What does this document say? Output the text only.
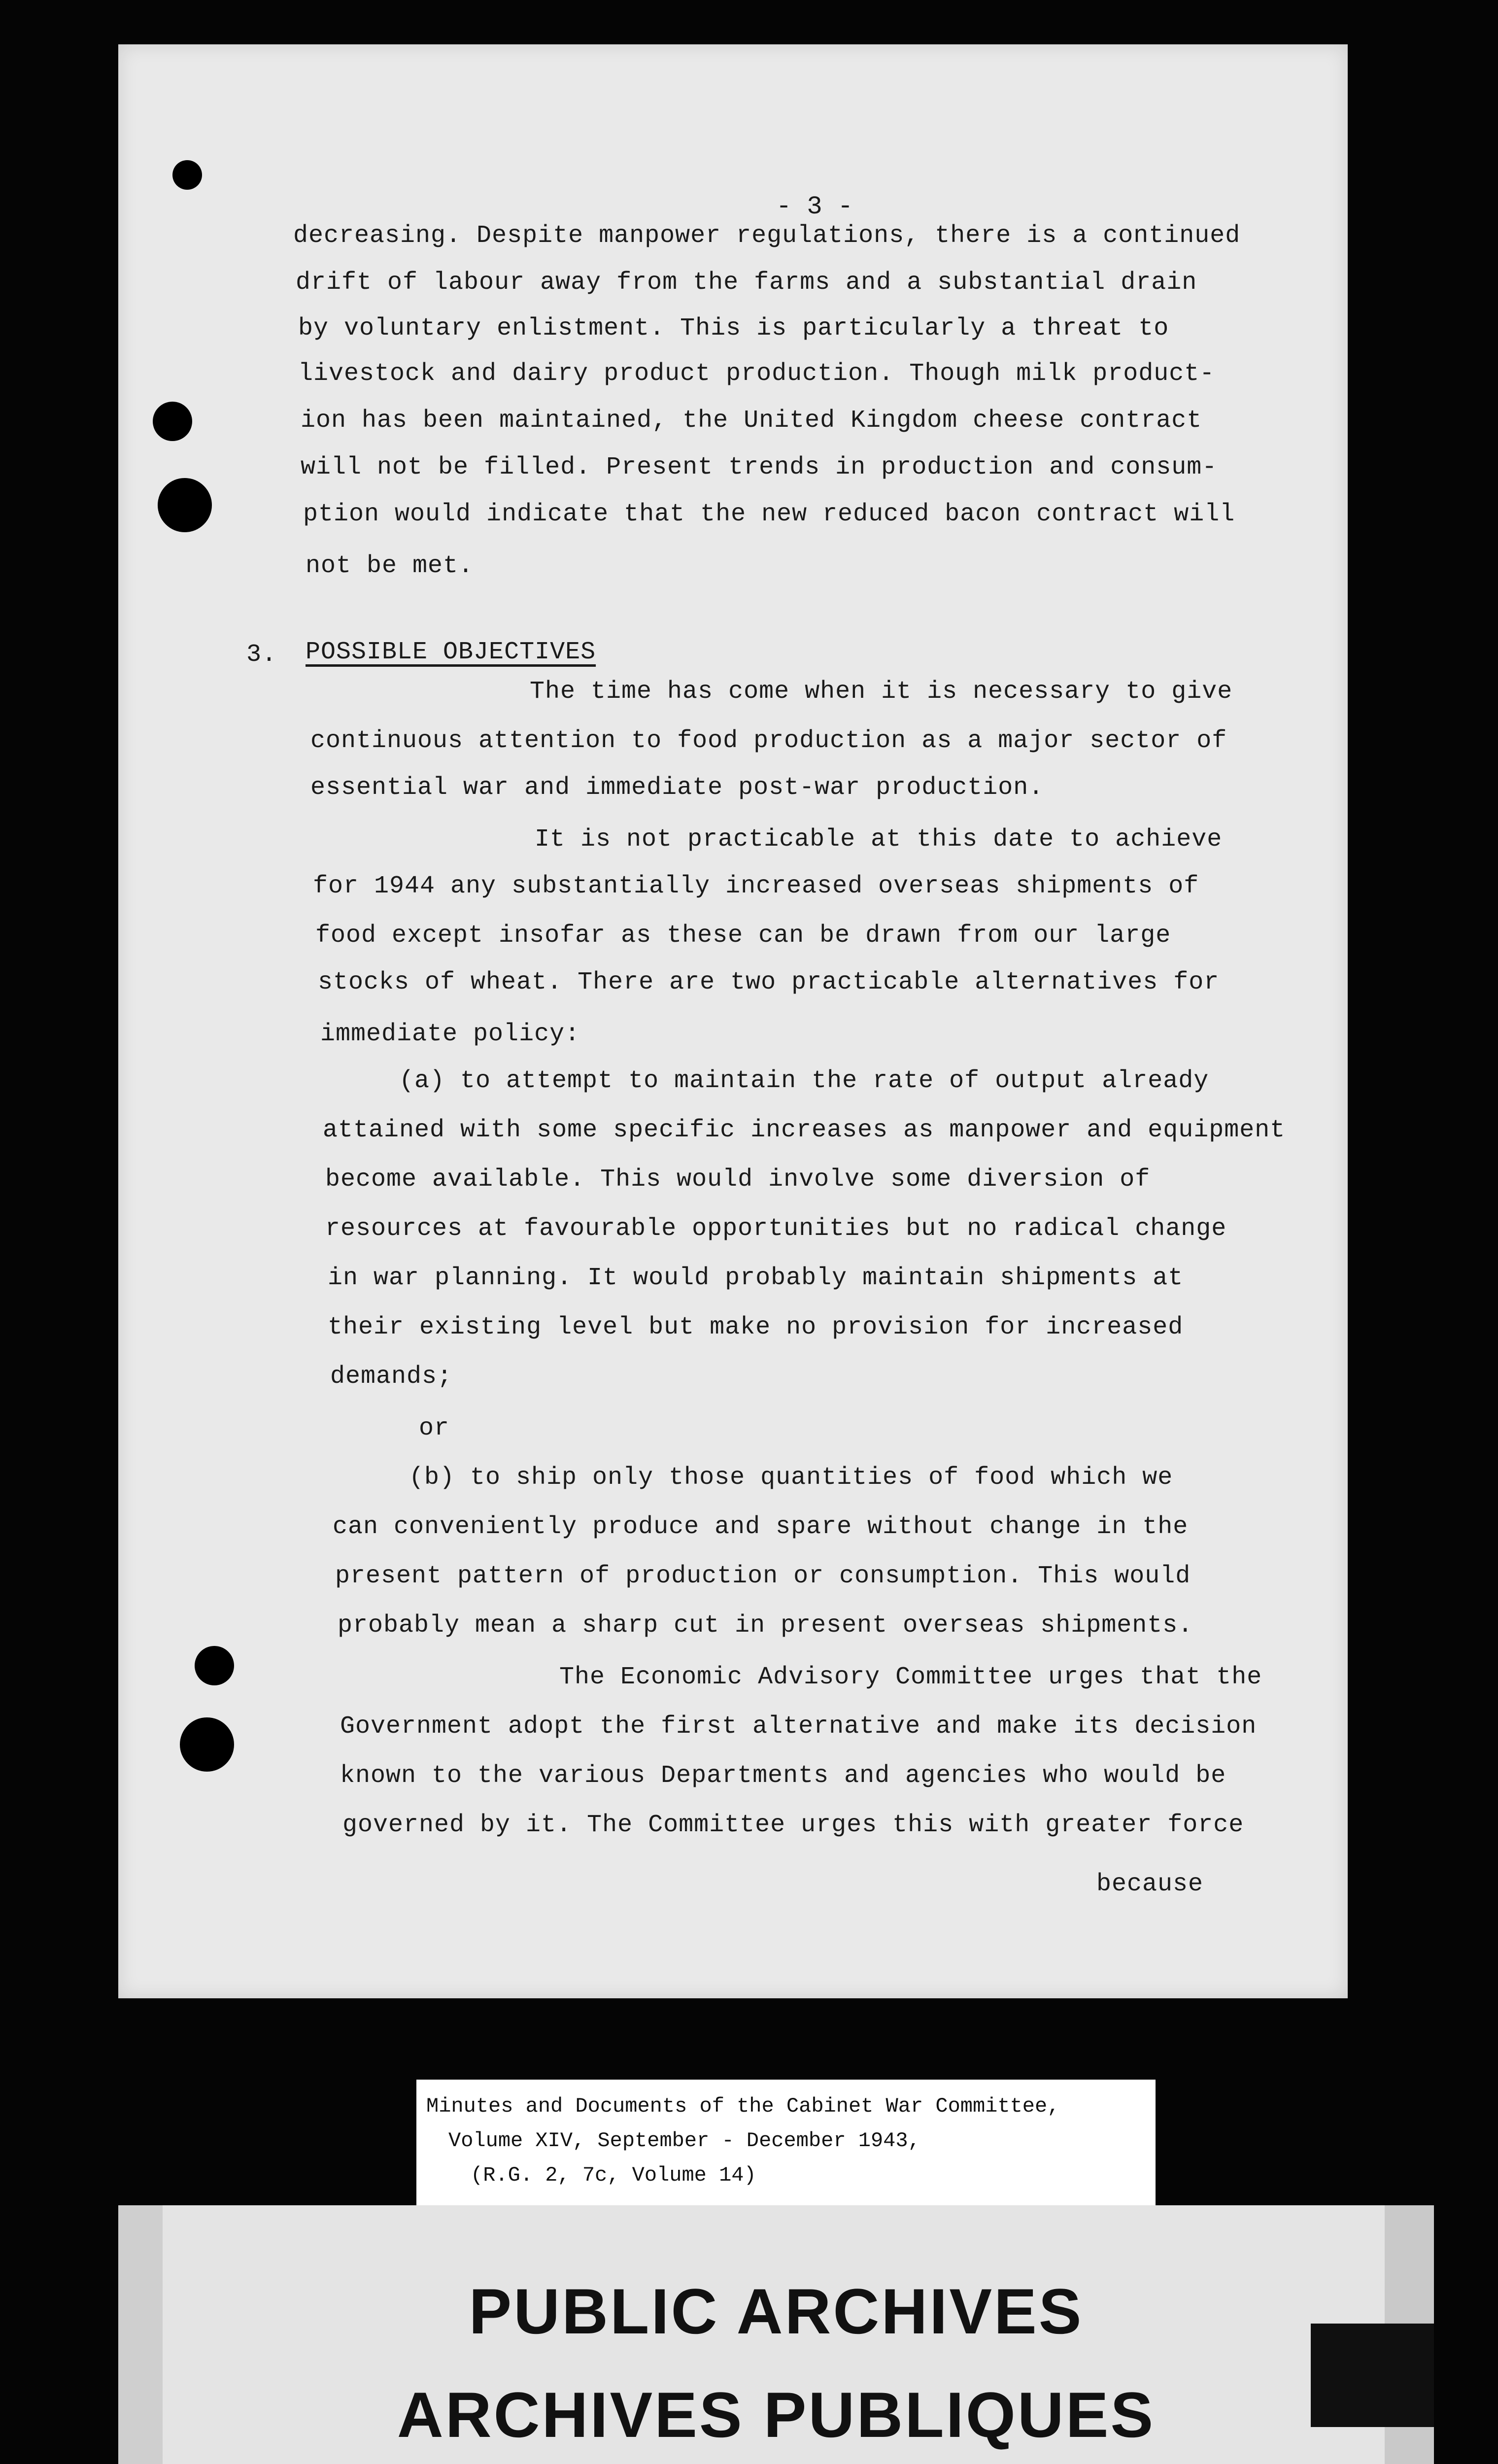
- 3 -
decreasing. Despite manpower regulations, there is a continued
drift of labour away from the farms and a substantial drain
by voluntary enlistment. This is particularly a threat to
livestock and dairy product production. Though milk product-
ion has been maintained, the United Kingdom cheese contract
will not be filled. Present trends in production and consum-
ption would indicate that the new reduced bacon contract will
not be met.
3. POSSIBLE OBJECTIVES
The time has come when it is necessary to give
continuous attention to food production as a major sector of
essential war and immediate post-war production.
It is not practicable at this date to achieve
for 1944 any substantially increased overseas shipments of
food except insofar as these can be drawn from our large
stocks of wheat. There are two practicable alternatives for
immediate policy:
(a) to attempt to maintain the rate of output already
attained with some specific increases as manpower and equipment
become available. This would involve some diversion of
resources at favourable opportunities but no radical change
in war planning. It would probably maintain shipments at
their existing level but make no provision for increased
demands;
or
(b) to ship only those quantities of food which we
can conveniently produce and spare without change in the
present pattern of production or consumption. This would
probably mean a sharp cut in present overseas shipments.
The Economic Advisory Committee urges that the
Government adopt the first alternative and make its decision
known to the various Departments and agencies who would be
governed by it. The Committee urges this with greater force
because
Minutes and Documents of the Cabinet War Committee,
Volume XIV, September - December 1943,
(R.G. 2, 7c, Volume 14)
PUBLIC ARCHIVES
ARCHIVES PUBLIQUES
